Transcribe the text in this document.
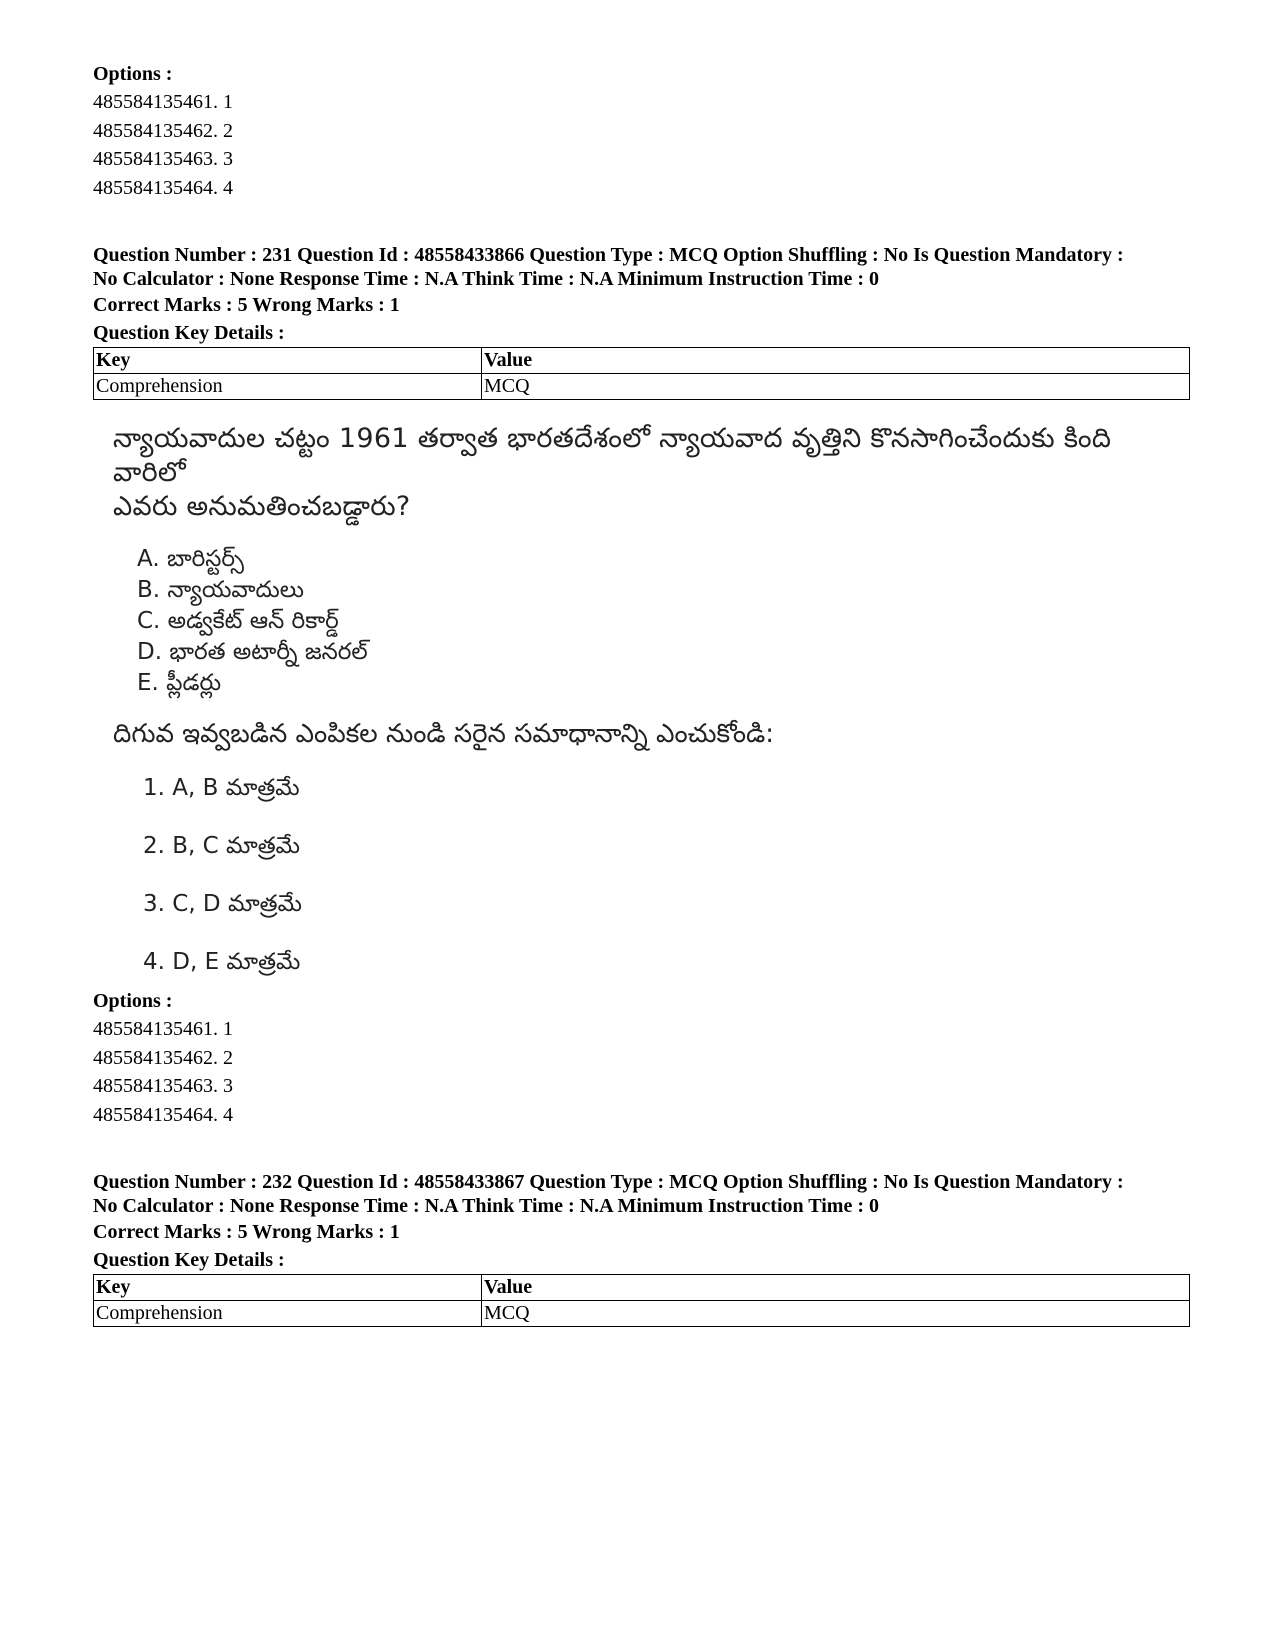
Options :
485584135461. 1
485584135462. 2
485584135463. 3
485584135464. 4
Question Number : 231 Question Id : 48558433866 Question Type : MCQ Option Shuffling : No Is Question Mandatory :
No Calculator : None Response Time : N.A Think Time : N.A Minimum Instruction Time : 0
Correct Marks : 5 Wrong Marks : 1
Question Key Details :
Key	Value
Comprehension	MCQ
న్యాయవాదుల చట్టం 1961 తర్వాత భారతదేశంలో న్యాయవాద వృత్తిని కొనసాగించేందుకు కింది వారిలో
ఎవరు అనుమతించబడ్డారు?
A. బారిస్టర్స్
B. న్యాయవాదులు
C. అడ్వకేట్ ఆన్ రికార్డ్
D. భారత అటార్నీ జనరల్
E. ప్లీడర్లు
దిగువ ఇవ్వబడిన ఎంపికల నుండి సరైన సమాధానాన్ని ఎంచుకోండి:
1. A, B మాత్రమే
2. B, C మాత్రమే
3. C, D మాత్రమే
4. D, E మాత్రమే
Options :
485584135461. 1
485584135462. 2
485584135463. 3
485584135464. 4
Question Number : 232 Question Id : 48558433867 Question Type : MCQ Option Shuffling : No Is Question Mandatory :
No Calculator : None Response Time : N.A Think Time : N.A Minimum Instruction Time : 0
Correct Marks : 5 Wrong Marks : 1
Question Key Details :
Key	Value
Comprehension	MCQ
